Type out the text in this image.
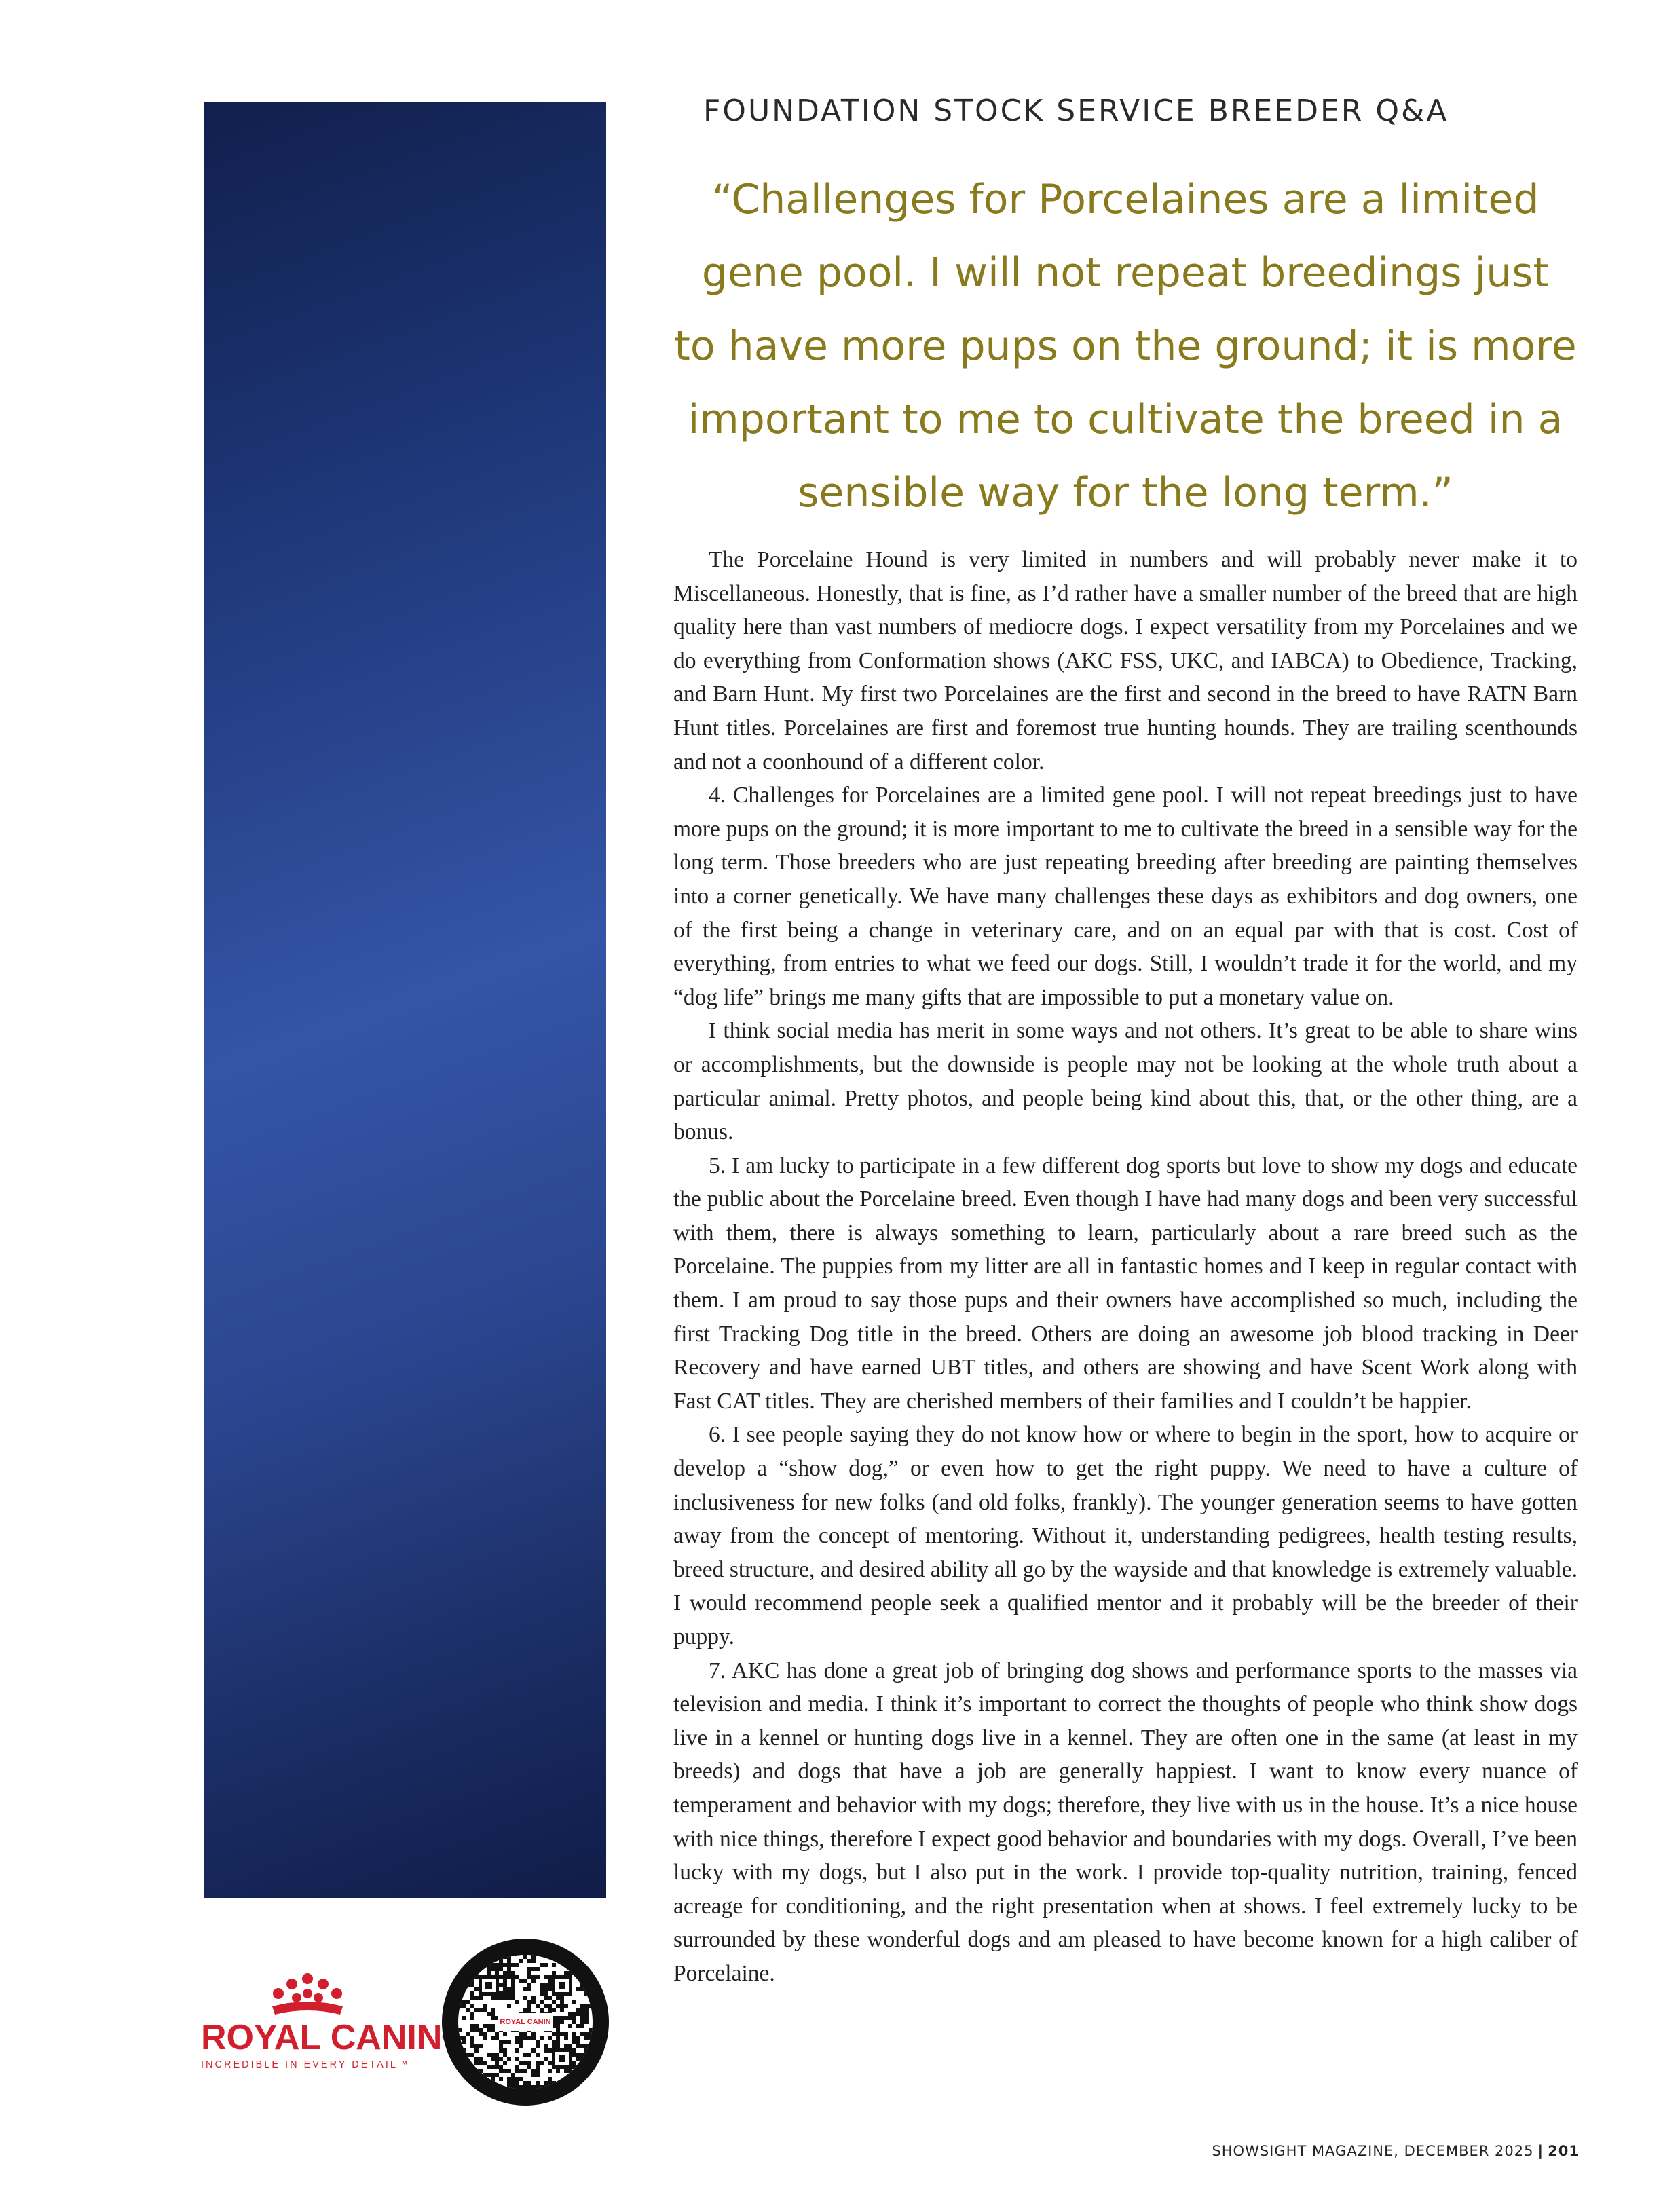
FOUNDATION STOCK SERVICE BREEDER Q&A

“Challenges for Porcelaines are a limited

gene pool. I will not repeat breedings just

to have more pups on the ground; it is more

important to me to cultivate the breed in a

sensible way for the long term.”

The Porcelaine Hound is very limited in numbers and will probably never make it to Miscellaneous. Honestly, that is fine, as I’d rather have a smaller number of the breed that are high quality here than vast numbers of mediocre dogs. I expect versatility from my Porcelaines and we do everything from Conformation shows (AKC FSS, UKC, and IABCA) to Obedience, Tracking, and Barn Hunt. My first two Porcelaines are the first and second in the breed to have RATN Barn Hunt titles. Porcelaines are first and foremost true hunting hounds. They are trailing scenthounds and not a coonhound of a different color.

4. Challenges for Porcelaines are a limited gene pool. I will not repeat breedings just to have more pups on the ground; it is more important to me to cultivate the breed in a sensible way for the long term. Those breeders who are just repeating breeding after breeding are painting themselves into a corner genetically. We have many challenges these days as exhibitors and dog owners, one of the first being a change in veterinary care, and on an equal par with that is cost. Cost of everything, from entries to what we feed our dogs. Still, I wouldn’t trade it for the world, and my “dog life” brings me many gifts that are impossible to put a monetary value on.

I think social media has merit in some ways and not others. It’s great to be able to share wins or accomplishments, but the downside is people may not be looking at the whole truth about a particular animal. Pretty photos, and people being kind about this, that, or the other thing, are a bonus.

5. I am lucky to participate in a few different dog sports but love to show my dogs and educate the public about the Porcelaine breed. Even though I have had many dogs and been very successful with them, there is always something to learn, particularly about a rare breed such as the Porcelaine. The puppies from my litter are all in fantastic homes and I keep in regular contact with them. I am proud to say those pups and their owners have accomplished so much, including the first Tracking Dog title in the breed. Others are doing an awesome job blood tracking in Deer Recovery and have earned UBT titles, and others are showing and have Scent Work along with Fast CAT titles. They are cherished members of their families and I couldn’t be happier.

6. I see people saying they do not know how or where to begin in the sport, how to acquire or develop a “show dog,” or even how to get the right puppy. We need to have a culture of inclusiveness for new folks (and old folks, frankly). The younger generation seems to have gotten away from the concept of mentoring. Without it, understanding pedigrees, health testing results, breed structure, and desired ability all go by the wayside and that knowledge is extremely valuable. I would recommend people seek a qualified mentor and it probably will be the breeder of their puppy.

7. AKC has done a great job of bringing dog shows and performance sports to the masses via television and media. I think it’s important to correct the thoughts of people who think show dogs live in a kennel or hunting dogs live in a kennel. They are often one in the same (at least in my breeds) and dogs that have a job are generally happiest. I want to know every nuance of temperament and behavior with my dogs; therefore, they live with us in the house. It’s a nice house with nice things, therefore I expect good behavior and boundaries with my dogs. Overall, I’ve been lucky with my dogs, but I also put in the work. I provide top-quality nutrition, training, fenced acreage for conditioning, and the right presentation when at shows. I feel extremely lucky to be surrounded by these wonderful dogs and am pleased to have become known for a high caliber of Porcelaine.

ROYAL CANIN
INCREDIBLE IN EVERY DETAIL™
ROYAL CANIN
SHOWSIGHT MAGAZINE, DECEMBER 2025 | 201
